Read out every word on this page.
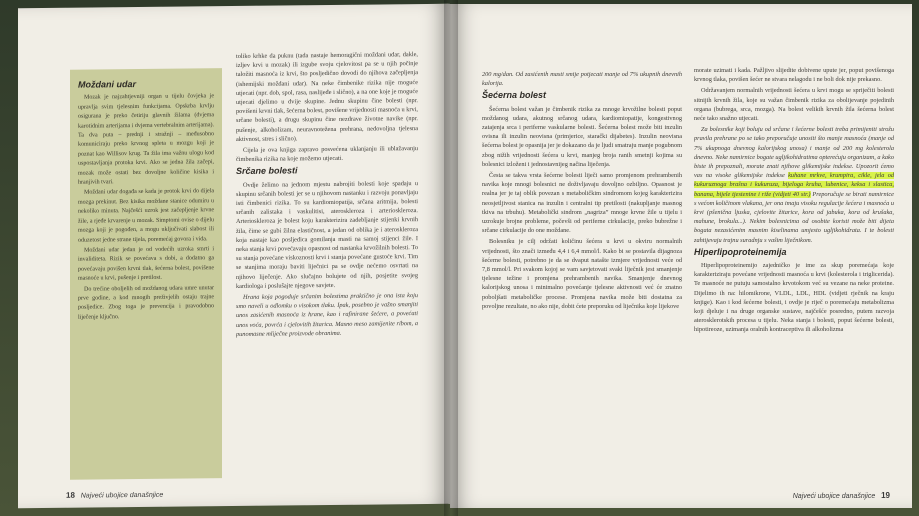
Moždani udar

Mozak je najzahtjevniji organ u tijelu čovjeka je upravlja svim tjelesnim funkcijama. Opskrba krvlju osigurana je preko četiriju glavnih žilama (dvjema karotidnim arterijama i dvjema vertebralnim arterijama). Ta dva puta – prednji i stražnji – međusobno komuniciraju preko krvnog spleta u mozgu koji je poznat kao Willisov krug. Ta žila ima važnu ulogu kod uspostavljanja protoka krvi. Ako se jedna žila začepi, mozak može ostati bez dovoljne količine kisika i hranjivih tvari.

Moždani udar događa se kada je protok krvi do dijela mozga prekinut. Bez kisika moždane stanice odumiru u nekoliko minuta. Najčešći uzrok jest začepljenje krvne žile, a rjeđe krvarenje u mozak. Simptomi ovise o dijelu mozga koji je pogođen, a mogu uključivati slabost ili oduzetost jedne strane tijela, poremećaj govora i vida.

Moždani udar jedan je od vodećih uzroka smrti i invaliditeta. Rizik se povećava s dobi, a dodatno ga povećavaju povišen krvni tlak, šećerna bolest, povišene masnoće u krvi, pušenje i pretilost.

Do trećine oboljelih od moždanog udara umre unutar prve godine, a kod mnogih preživjelih ostaju trajne posljedice. Zbog toga je prevencija i pravodobno liječenje ključno.

toliko krhke da puknu (tada nastaje hemoragični moždani udar, dakle, izljev krvi u mozak) ili izgube svoju cjelovitost pa se u njih počinje taložiti masnoća iz krvi, što posljedično dovodi do njihova začepljenja (ishemijski moždani udar). Na neke čimbenike rizika nije moguće utjecati (npr. dob, spol, rasa, naslijeđe i slično), a na one koje je moguće utjecati djelimo u dvije skupine. Jednu skupinu čine bolesti (npr. povišeni krvni tlak, šećerna bolest, povišene vrijednosti masnoća u krvi, srčane bolesti), a drugu skupinu čine nezdrave životne navike (npr. pušenje, alkoholizam, neuravnotežena prehrana, nedovoljna tjelesna aktivnost, stres i slično).

Cijela je ova knjiga zapravo posvećena uklanjanju ili ublažavanju čimbenika rizika na koje možemo utjecati.

Srčane bolesti

Ovdje želimo na jednom mjestu nabrojiti bolesti koje spadaju u skupinu srčanih bolesti jer se u njihovom nastanku i razvoju ponavljaju isti čimbenici rizika. To su kardiomiopatija, srčana aritmija, bolesti srčanih zalistaka i vaskulitisi, ateroskleroza i arterioskleroza. Arterioskleroza je bolest koju karakterizira zadebljanje stijenki krvnih žila, čime se gubi žilna elastičnost, a jedan od oblika je i ateroskleroza koja nastaje kao posljedica gomilanja masti na samoj stijenci žile. I neka stanja krvi povećavaju opasnost od nastanka krvožilnih bolesti. To su stanja povećane viskoznosti krvi i stanja povećane gustoće krvi. Tim se stanjima moraju baviti liječnici pa se ovdje nećemo osvrtati na njihovo liječenje. Ako slučajno bolujete od njih, posjetite svojeg kardiologa i poslušajte njegove savjete.

Hrana koja pogoduje srčanim bolestima praktično je ona ista koju smo naveli u odlomku o visokom tlaku. Ipak, posebno je važno smanjiti unos zasićenih masnoća iz hrane, kao i rafinirane šećere, a povećati unos voća, povrća i cjelovitih žitarica. Masno meso zamijenite ribom, a punomasne mliječne proizvode obranima.

18 Najveći ubojice današnjice

200 mg/dan. Od zasićenih masti smije potjecati manje od 7% ukupnih dnevnih kalorija.

Šećerna bolest

Šećerna bolest važan je čimbenik rizika za mnoge krvožilne bolesti poput moždanog udara, akutnog srčanog udara, kardiomiopatije, kongestivnog zatajenja srca i periferne vaskularne bolesti. Šećerna bolest može biti inzulin ovisna ili inzulin neovisna (primjerice, starački dijabetes). Inzulin neovisna šećerna bolest je opasnija jer je dokazano da je ljudi smatraju manje pogubnom zbog nižih vrijednosti šećera u krvi, manjeg broja ranih smetnji kojima su bolesnici izloženi i jednostavnijeg načina liječenja.

Česta se takva vrsta šećerne bolesti liječi samo promjenom prehrambenih navika koje mnogi bolesnici ne doživljavaju dovoljno ozbiljno. Opasnost je realna jer je taj oblik povezan s metaboličkim sindromom kojeg karakterizira neosjetljivost stanica na inzulin i centralni tip pretilosti (nakupljanje masnog tkiva na trbuhu). Metabolički sindrom „nagriza” mnoge krvne žile u tijelu i uzrokuje brojne probleme, počevši od periferne cirkulacije, preko bubrežne i srčane cirkulacije do one moždane.

Bolesniku je cilj održati količinu šećera u krvi u okviru normalnih vrijednosti, što znači između 4,4 i 6,4 mmol/l. Kako bi se postavila dijagnoza šećerne bolesti, potrebno je da se dvaput natašte izmjere vrijednosti veće od 7,8 mmol/l. Pri svakom kojoj se vam savjetovati svaki liječnik jest smanjenje tjelesne težine i promjena prehrambenih navika. Smanjenje dnevnog kalorijskog unosa i minimalno povećanje tjelesne aktivnosti već će znatno poboljšati metaboličke procese. Promjena navika može biti dostatna za povoljne rezultate, no ako nije, dobit ćete preporuku od liječnika koje lijekove

morate uzimati i kada. Pažljivo slijedite dobivene upute jer, poput povišenoga krvnog tlaka, povišen šećer ne stvara nelagodu i ne boli dok nije prekasno.

Održavanjem normalnih vrijednosti šećera u krvi mogu se spriječiti bolesti sitnijih krvnih žila, koje su važan čimbenik rizika za obolijevanje pojedinih organa (bubrega, srca, mozga). Na bolest velikih krvnih žila šećerna bolest neće tako snažno utjecati.

Za bolesnike koji boluju od srčane i šećerne bolesti treba primijeniti strožu pravila prehrane po se tako preporučuje unositi što manje masnoća (manje od 7% ukupnoga dnevnog kalorijskog unosa) i manje od 200 mg kolesterola dnevno. Neke namirnice bogate ugljikohidratima opterećuju organizam, a kako biste ih prepoznali, morate znati njihove glikemijske indekse. Upozorit ćemo vas na visoke glikemijske indekse kuhane mrkve, krumpira, cikle, jela od kukuruznoga brašna i kukuruza, bijeloga kruha, lubenice, keksa i slastica, banana, bijele tjestenine i riže (vidjeti 40 str.) Preporučuje se birati namirnice s većom količinom vlakana, jer ona imaju visoku regulacije šećera i masnoća u krvi (pšenična ljuska, cjelovite žitarice, kora od jabuka, kora od krušaka, mahune, brokula...). Nekim bolesnicima od osobite koristi može biti dijeta bogata nezasićenim masnim kiselinama umjesto ugljikohidrata. I te bolesti zahtijevaju trajnu suradnju s vašim liječnikom.

Hiperlipoproteinemija

Hiperlipoproteinemijo zajedničko je ime za skup poremećaja koje karakteriziraju povećane vrijednosti masnoća u krvi (kolesterola i triglicerida). Te masnoće ne putuju samostalno krvotokom već su vezane na neke proteine. Dijelimo ih na: hilomikrone, VLDL, LDL, HDL (vidjeti rječnik na kraju knjige). Kao i kod šećerne bolesti, i ovdje je riječ o poremećaju metabolizma koji djeluje i na druge organske sustave, najčešće posredno, putem razvoja aterosklerotskih procesa u tijelu. Neka stanja i bolesti, poput šećerne bolesti, hipotireoze, uzimanja oralnih kontraceptiva ili alkoholizma

Najveći ubojice današnjice 19
